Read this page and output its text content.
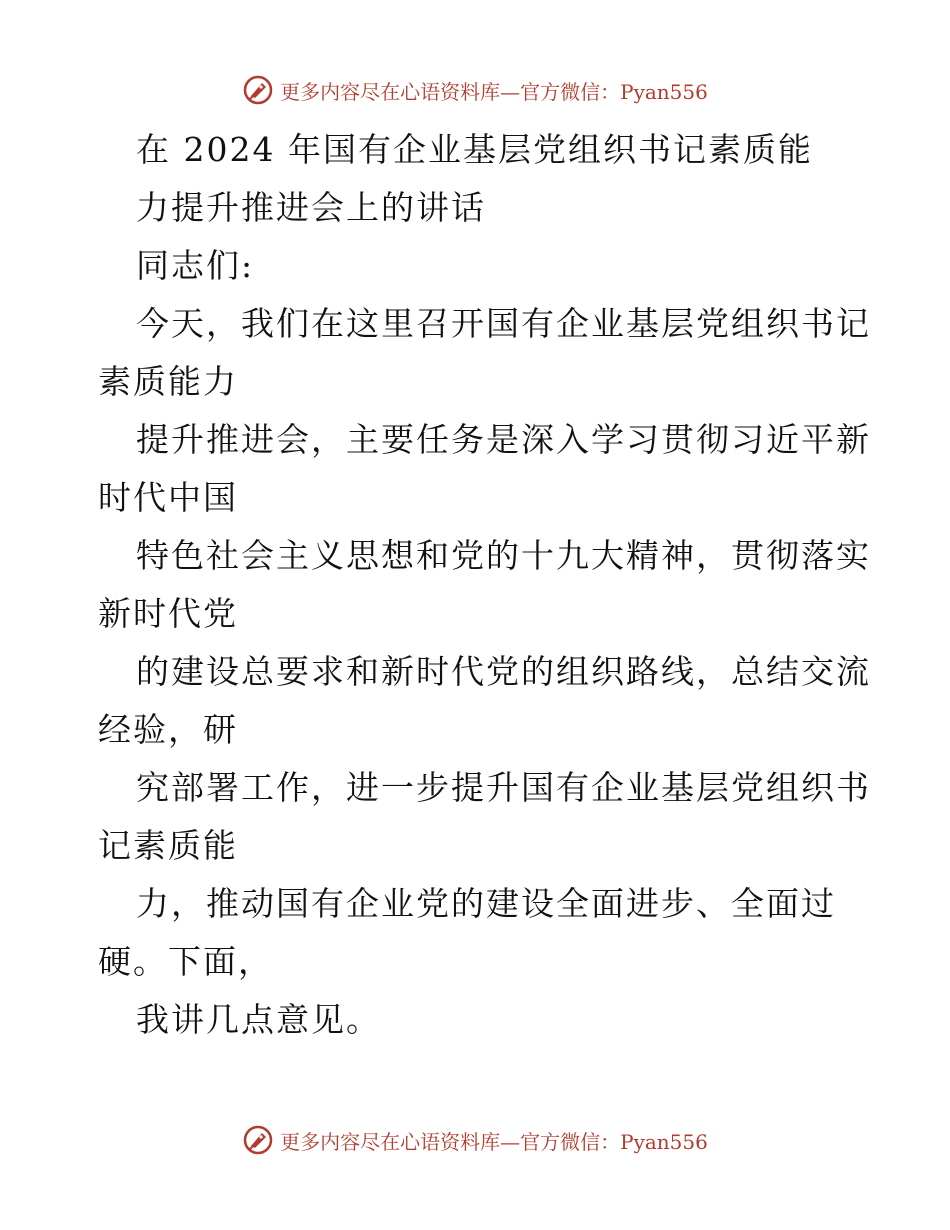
更多内容尽在心语资料库—官方微信：Pyan556
在 2024 年国有企业基层党组织书记素质能
力提升推进会上的讲话
同志们:
今天，我们在这里召开国有企业基层党组织书记
素质能力
提升推进会，主要任务是深入学习贯彻习近平新
时代中国
特色社会主义思想和党的十九大精神，贯彻落实
新时代党
的建设总要求和新时代党的组织路线，总结交流
经验，研
究部署工作，进一步提升国有企业基层党组织书
记素质能
力，推动国有企业党的建设全面进步、全面过
硬。下面，
我讲几点意见。
更多内容尽在心语资料库—官方微信：Pyan556
